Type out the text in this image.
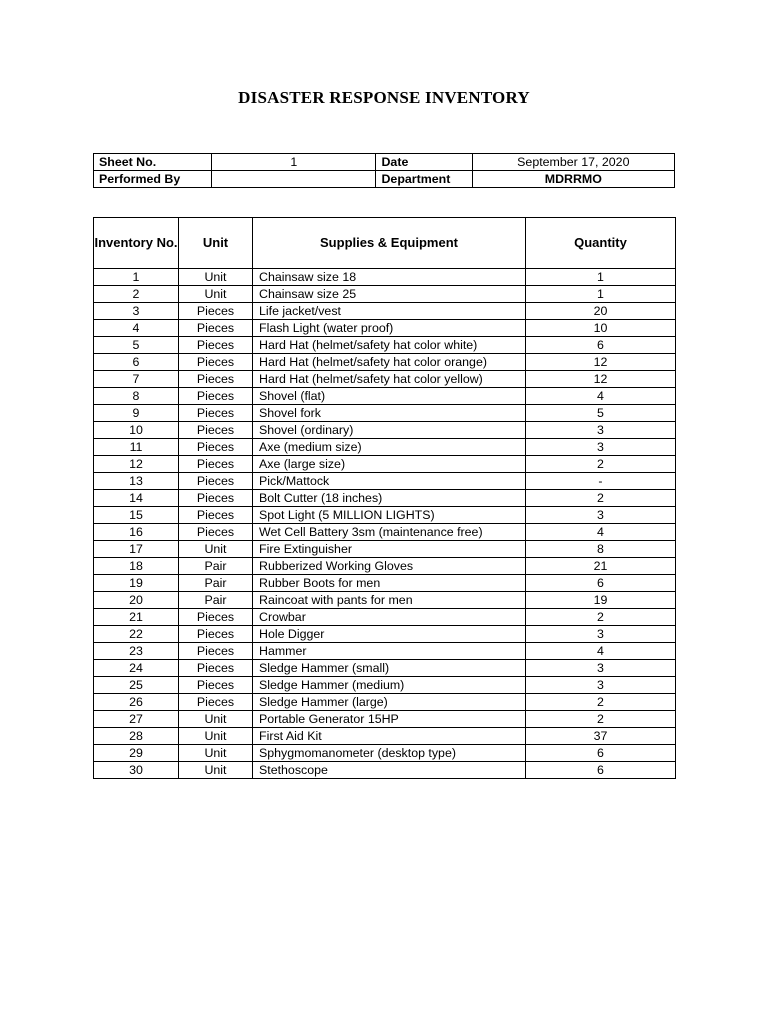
DISASTER RESPONSE INVENTORY
Sheet No.	1	Date	September 17, 2020
Performed By		Department	MDRRMO
Inventory No.	Unit	Supplies & Equipment	Quantity
1	Unit	Chainsaw size 18	1
2	Unit	Chainsaw size 25	1
3	Pieces	Life jacket/vest	20
4	Pieces	Flash Light (water proof)	10
5	Pieces	Hard Hat (helmet/safety hat color white)	6
6	Pieces	Hard Hat (helmet/safety hat color orange)	12
7	Pieces	Hard Hat (helmet/safety hat color yellow)	12
8	Pieces	Shovel (flat)	4
9	Pieces	Shovel fork	5
10	Pieces	Shovel (ordinary)	3
11	Pieces	Axe (medium size)	3
12	Pieces	Axe (large size)	2
13	Pieces	Pick/Mattock	-
14	Pieces	Bolt Cutter (18 inches)	2
15	Pieces	Spot Light (5 MILLION LIGHTS)	3
16	Pieces	Wet Cell Battery 3sm (maintenance free)	4
17	Unit	Fire Extinguisher	8
18	Pair	Rubberized Working Gloves	21
19	Pair	Rubber Boots for men	6
20	Pair	Raincoat with pants for men	19
21	Pieces	Crowbar	2
22	Pieces	Hole Digger	3
23	Pieces	Hammer	4
24	Pieces	Sledge Hammer (small)	3
25	Pieces	Sledge Hammer (medium)	3
26	Pieces	Sledge Hammer (large)	2
27	Unit	Portable Generator 15HP	2
28	Unit	First Aid Kit	37
29	Unit	Sphygmomanometer (desktop type)	6
30	Unit	Stethoscope	6
